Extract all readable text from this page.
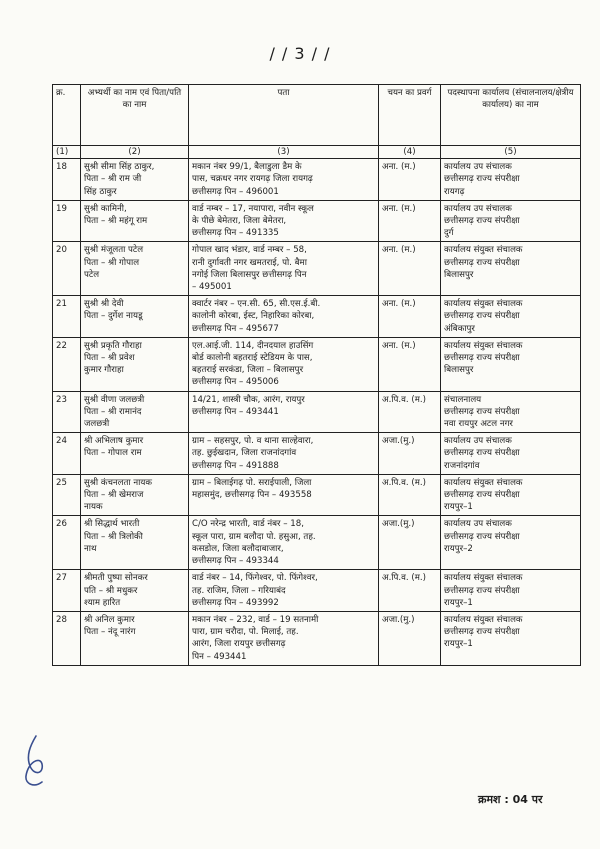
/ / 3 / /
क्र.	अभ्यर्थी का नाम एवं पिता/पति का नाम	पता	चयन का प्रवर्ग	पदस्थापना कार्यालय (संचालनालय/क्षेत्रीय कार्यालय) का नाम
(1)	(2)	(3)	(4)	(5)
18	सुश्री सीमा सिंह ठाकुर,
पिता – श्री राम जी
सिंह ठाकुर	मकान नंबर 99/1, बैलाडुला डैम के
पास, चक्रधर नगर रायगढ़ जिला रायगढ़
छत्तीसगढ़ पिन – 496001	अना. (म.)	कार्यालय उप संचालक
छत्तीसगढ़ राज्य संपरीक्षा
रायगढ़
19	सुश्री कामिनी,
पिता – श्री महंगू राम	वार्ड नम्बर – 17, नयापारा, नवीन स्कूल
के पीछे बेमेतरा, जिला बेमेतरा,
छत्तीसगढ़ पिन – 491335	अना. (म.)	कार्यालय उप संचालक
छत्तीसगढ़ राज्य संपरीक्षा
दुर्ग
20	सुश्री मंजूलता पटेल
पिता – श्री गोपाल
पटेल	गोपाल खाद भंडार, वार्ड नम्बर – 58,
रानी दुर्गावती नगर खमतराई, पो. बैमा
नगोई जिला बिलासपुर छत्तीसगढ़ पिन
– 495001	अना. (म.)	कार्यालय संयुक्त संचालक
छत्तीसगढ़ राज्य संपरीक्षा
बिलासपुर
21	सुश्री श्री देवी
पिता – दुर्गेश नायडू	क्वार्टर नंबर – एन.सी. 65, सी.एस.ई.बी.
कालोनी कोरबा, ईस्ट, निहारिका कोरबा,
छत्तीसगढ़ पिन – 495677	अना. (म.)	कार्यालय संयुक्त संचालक
छत्तीसगढ़ राज्य संपरीक्षा
अंबिकापुर
22	सुश्री प्रकृति गौराहा
पिता – श्री प्रवेश
कुमार गौराहा	एल.आई.जी. 114, दीनदयाल हाउसिंग
बोर्ड कालोनी बहतराई स्टेडियम के पास,
बहतराई सरकंडा, जिला – बिलासपुर
छत्तीसगढ़ पिन – 495006	अना. (म.)	कार्यालय संयुक्त संचालक
छत्तीसगढ़ राज्य संपरीक्षा
बिलासपुर
23	सुश्री वीणा जलछत्री
पिता – श्री रामानंद
जलछत्री	14/21, शास्त्री चौक, आरंग, रायपुर
छत्तीसगढ़ पिन – 493441	अ.पि.व. (म.)	संचालनालय
छत्तीसगढ़ राज्य संपरीक्षा
नवा रायपुर अटल नगर
24	श्री अभिलाष कुमार
पिता – गोपाल राम	ग्राम – सहसपुर, पो. व थाना साल्हेवारा,
तह. छुईखदान, जिला राजनांदगांव
छत्तीसगढ़ पिन – 491888	अजा.(मु.)	कार्यालय उप संचालक
छत्तीसगढ़ राज्य संपरीक्षा
राजनांदगांव
25	सुश्री कंचनलता नायक
पिता – श्री खेमराज
नायक	ग्राम – बिलाईगढ़ पो. सराईपाली, जिला
महासमुंद, छत्तीसगढ़ पिन – 493558	अ.पि.व. (म.)	कार्यालय संयुक्त संचालक
छत्तीसगढ़ राज्य संपरीक्षा
रायपुर–1
26	श्री सिद्धार्थ भारती
पिता – श्री त्रिलोकी
नाथ	C/O नरेन्द्र भारती, वार्ड नंबर – 18,
स्कूल पारा, ग्राम बलौदा पो. हसुआ, तह.
कसडोल, जिला बलौदाबाजार,
छत्तीसगढ़ पिन – 493344	अजा.(मु.)	कार्यालय उप संचालक
छत्तीसगढ़ राज्य संपरीक्षा
रायपुर–2
27	श्रीमती पुष्पा सोनकर
पति – श्री मधुकर
श्याम हारित	वार्ड नंबर – 14, फिंगेश्वर, पो. फिंगेश्वर,
तह. राजिम, जिला – गरियाबंद
छत्तीसगढ़ पिन – 493992	अ.पि.व. (म.)	कार्यालय संयुक्त संचालक
छत्तीसगढ़ राज्य संपरीक्षा
रायपुर–1
28	श्री अनिल कुमार
पिता – नंदू नारंग	मकान नंबर – 232, वार्ड – 19 सतनामी
पारा, ग्राम चरौदा, पो. मिलाई, तह.
आरंग, जिला रायपुर छत्तीसगढ़
पिन – 493441	अजा.(मु.)	कार्यालय संयुक्त संचालक
छत्तीसगढ़ राज्य संपरीक्षा
रायपुर–1
क्रमश : 04 पर
